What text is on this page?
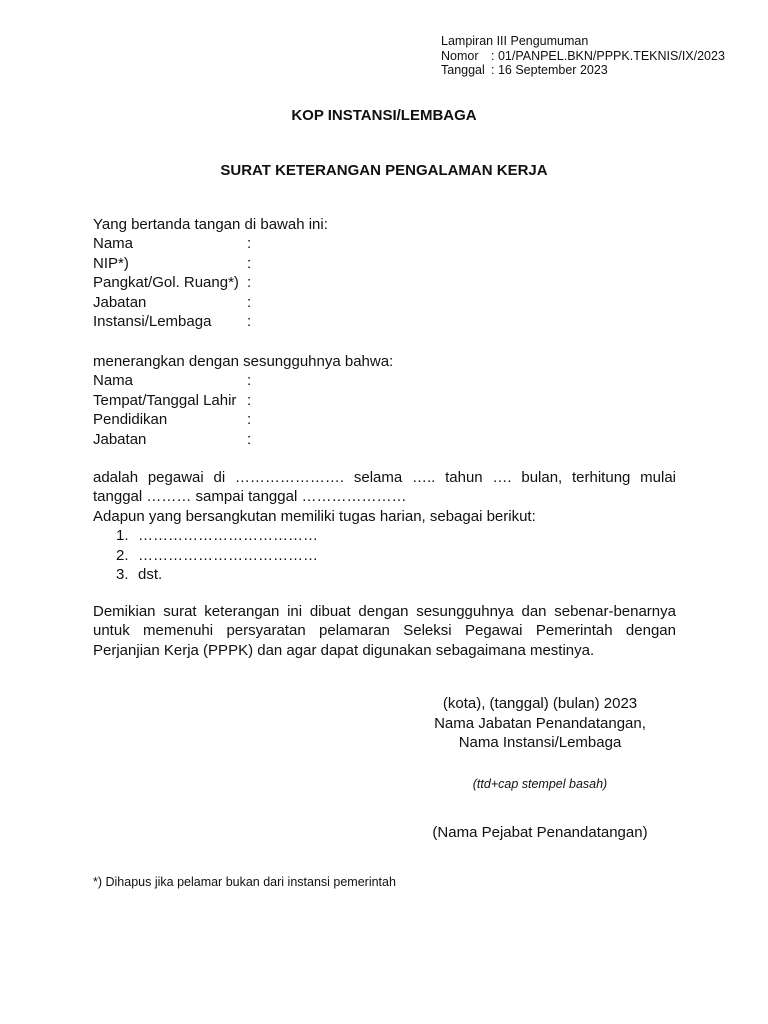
Lampiran III Pengumuman
Nomor : 01/PANPEL.BKN/PPPK.TEKNIS/IX/2023
Tanggal : 16 September 2023
KOP INSTANSI/LEMBAGA
SURAT KETERANGAN PENGALAMAN KERJA
Yang bertanda tangan di bawah ini:
Nama	:
NIP*)	:
Pangkat/Gol. Ruang*) :
Jabatan	:
Instansi/Lembaga :
menerangkan dengan sesungguhnya bahwa:
Nama	:
Tempat/Tanggal Lahir :
Pendidikan	:
Jabatan	:
adalah pegawai di …………………. selama ….. tahun …. bulan, terhitung mulai
tanggal ……… sampai tanggal …………………
Adapun yang bersangkutan memiliki tugas harian, sebagai berikut:
1. ………………………………
2. ………………………………
3. dst.
Demikian surat keterangan ini dibuat dengan sesungguhnya dan sebenar-benarnya
untuk memenuhi persyaratan pelamaran Seleksi Pegawai Pemerintah dengan
Perjanjian Kerja (PPPK) dan agar dapat digunakan sebagaimana mestinya.
(kota), (tanggal) (bulan) 2023
Nama Jabatan Penandatangan,
Nama Instansi/Lembaga
(ttd+cap stempel basah)
(Nama Pejabat Penandatangan)
*) Dihapus jika pelamar bukan dari instansi pemerintah
